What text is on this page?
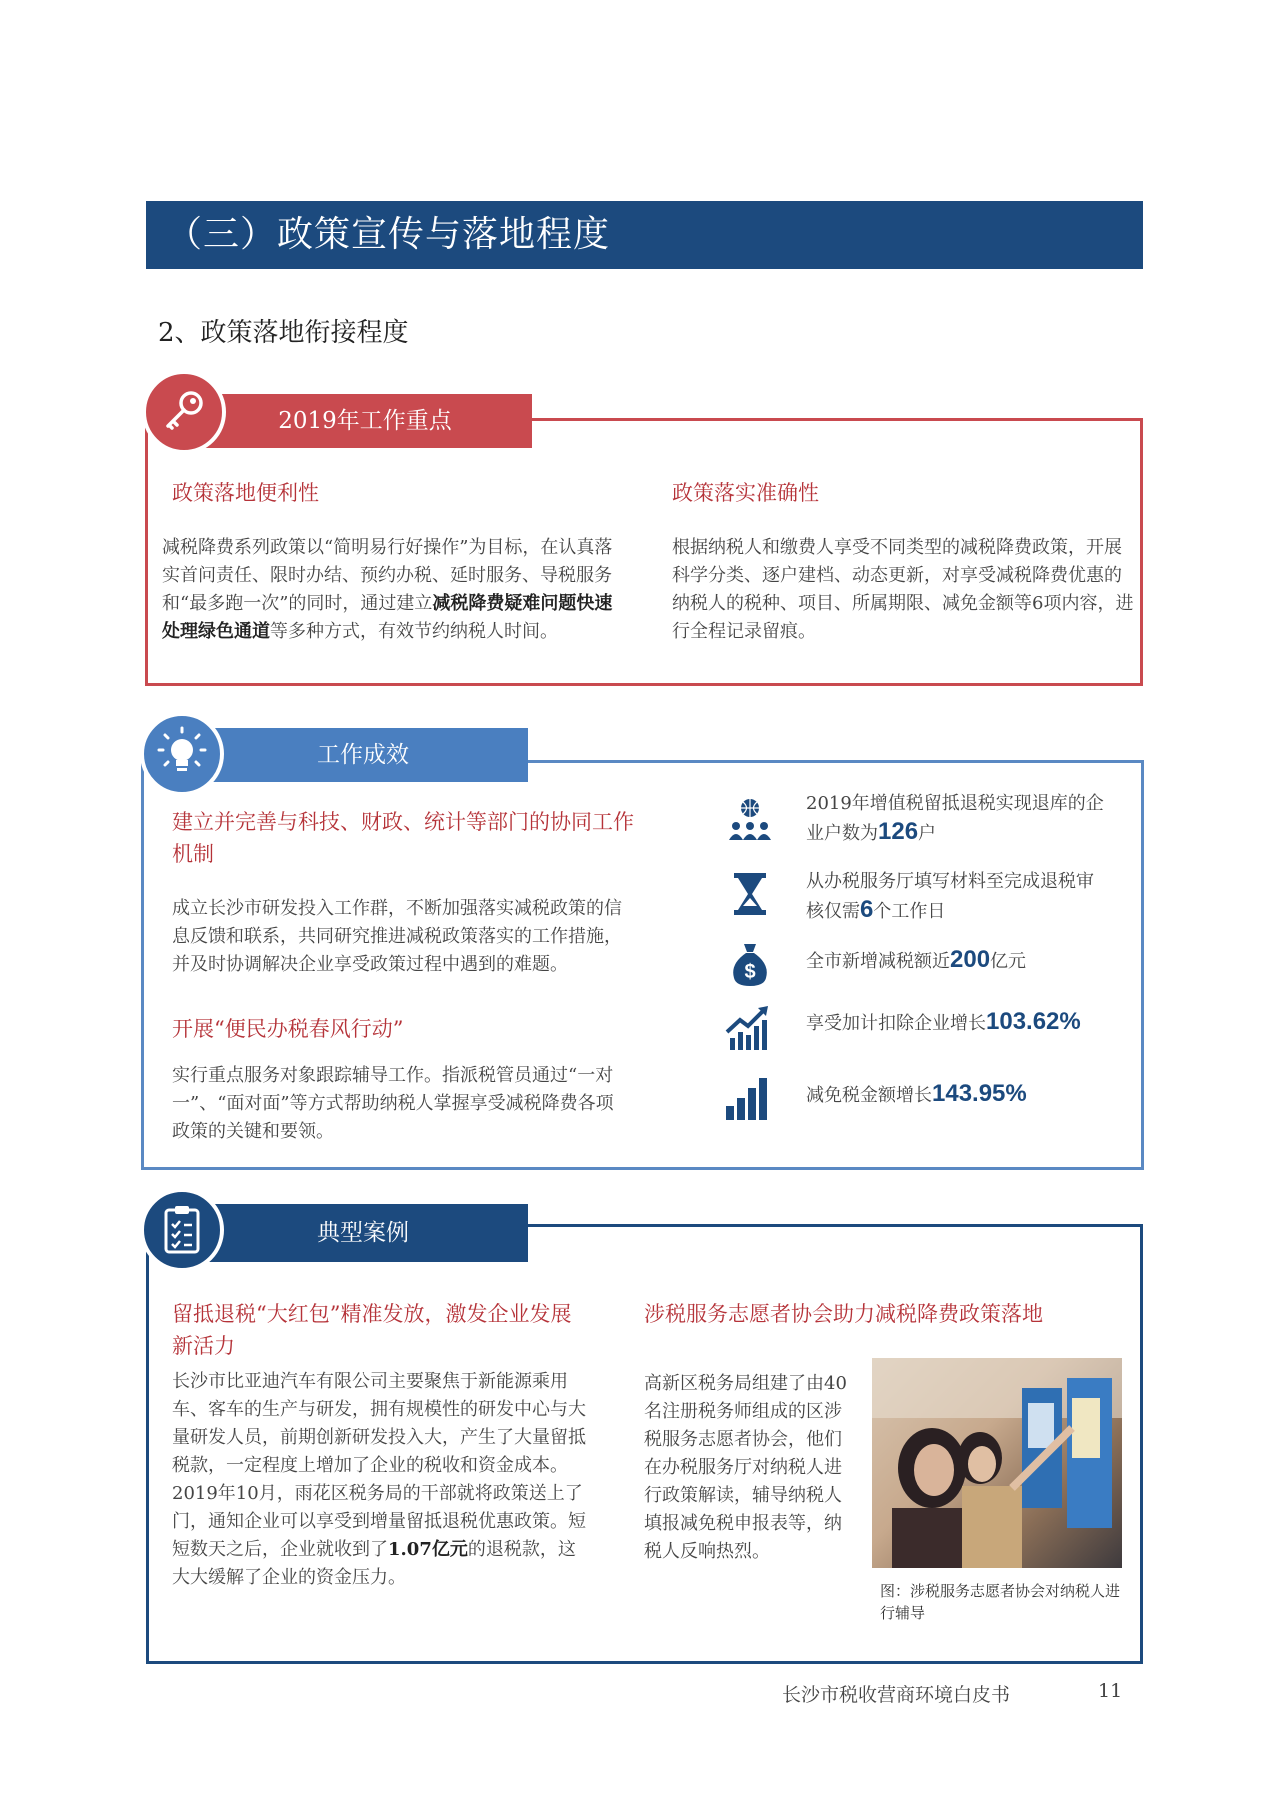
（三）政策宣传与落地程度
2、政策落地衔接程度
2019年工作重点
政策落地便利性
减税降费系列政策以“简明易行好操作”为目标，在认真落实首问责任、限时办结、预约办税、延时服务、导税服务和“最多跑一次”的同时，通过建立减税降费疑难问题快速处理绿色通道等多种方式，有效节约纳税人时间。
政策落实准确性
根据纳税人和缴费人享受不同类型的减税降费政策，开展科学分类、逐户建档、动态更新，对享受减税降费优惠的纳税人的税种、项目、所属期限、减免金额等6项内容，进行全程记录留痕。
工作成效
建立并完善与科技、财政、统计等部门的协同工作机制
成立长沙市研发投入工作群，不断加强落实减税政策的信息反馈和联系，共同研究推进减税政策落实的工作措施，并及时协调解决企业享受政策过程中遇到的难题。
开展“便民办税春风行动”
实行重点服务对象跟踪辅导工作。指派税管员通过“一对一”、“面对面”等方式帮助纳税人掌握享受减税降费各项政策的关键和要领。
2019年增值税留抵退税实现退库的企业户数为126户
从办税服务厅填写材料至完成退税审核仅需6个工作日
$	全市新增减税额近200亿元
享受加计扣除企业增长103.62%
减免税金额增长143.95%
典型案例
留抵退税“大红包”精准发放，激发企业发展新活力
长沙市比亚迪汽车有限公司主要聚焦于新能源乘用车、客车的生产与研发，拥有规模性的研发中心与大量研发人员，前期创新研发投入大，产生了大量留抵税款，一定程度上增加了企业的税收和资金成本。2019年10月，雨花区税务局的干部就将政策送上了门，通知企业可以享受到增量留抵退税优惠政策。短短数天之后，企业就收到了1.07亿元的退税款，这大大缓解了企业的资金压力。
涉税服务志愿者协会助力减税降费政策落地
高新区税务局组建了由40名注册税务师组成的区涉税服务志愿者协会，他们在办税服务厅对纳税人进行政策解读，辅导纳税人填报减免税申报表等，纳税人反响热烈。
图：涉税服务志愿者协会对纳税人进行辅导
长沙市税收营商环境白皮书	11
